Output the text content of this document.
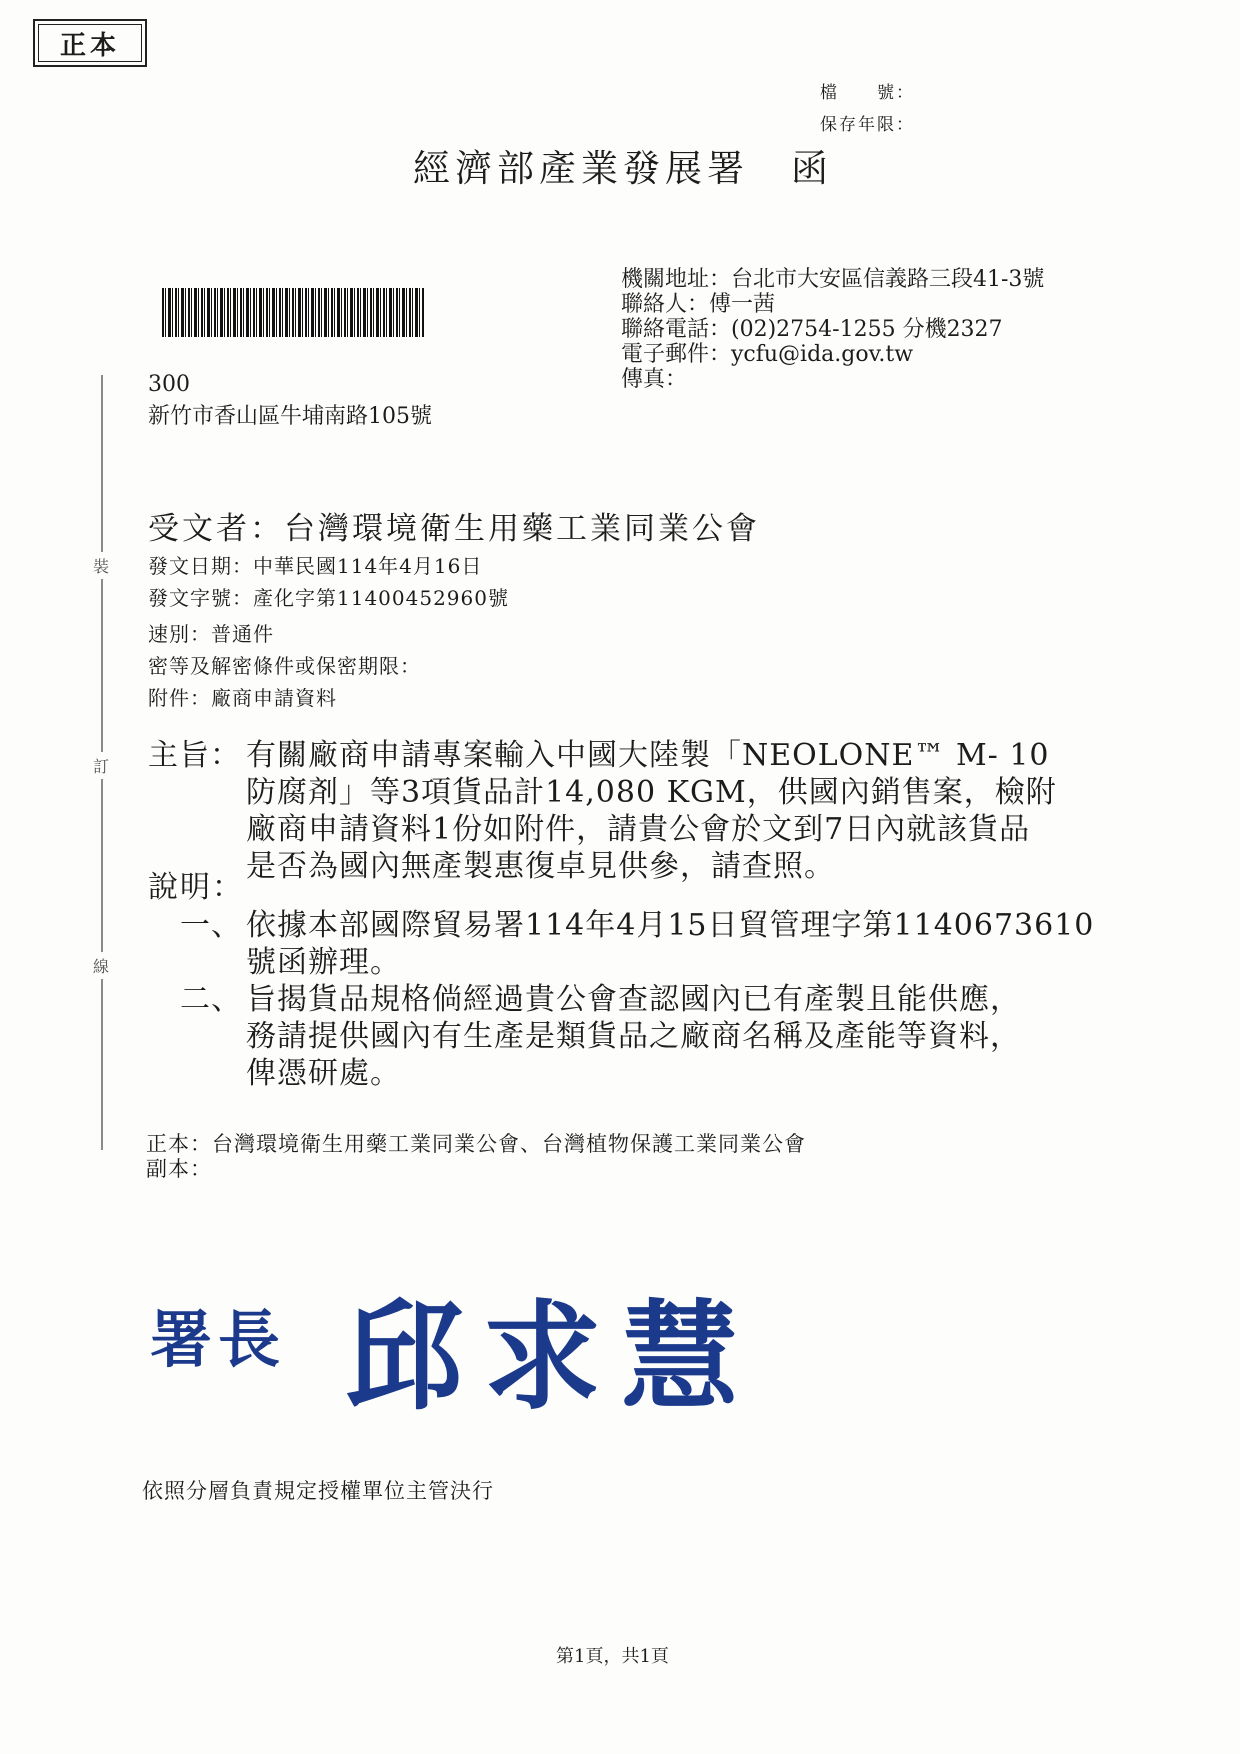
正本
檔　　號：
保存年限：
經濟部產業發展署　函
機關地址：台北市大安區信義路三段41-3號
聯絡人：傅一茜
聯絡電話：(02)2754-1255 分機2327
電子郵件：ycfu@ida.gov.tw
傳真：
裝
訂
線
300
新竹市香山區牛埔南路105號
受文者：台灣環境衛生用藥工業同業公會
發文日期：中華民國114年4月16日
發文字號：產化字第11400452960號
速別：普通件
密等及解密條件或保密期限：
附件：廠商申請資料
主旨： 有關廠商申請專案輸入中國大陸製「NEOLONE™ M- 10
防腐剤」等3項貨品計14,080 KGM，供國內銷售案，檢附
廠商申請資料1份如附件，請貴公會於文到7日內就該貨品
是否為國內無產製惠復卓見供參，請查照。
說明：
一、 依據本部國際貿易署114年4月15日貿管理字第1140673610
號函辦理。
二、 旨揭貨品規格倘經過貴公會查認國內已有產製且能供應，
務請提供國內有生產是類貨品之廠商名稱及產能等資料，
俾憑研處。
正本：台灣環境衛生用藥工業同業公會、台灣植物保護工業同業公會
副本：
署長 邱求慧
依照分層負責規定授權單位主管決行
第1頁，共1頁
